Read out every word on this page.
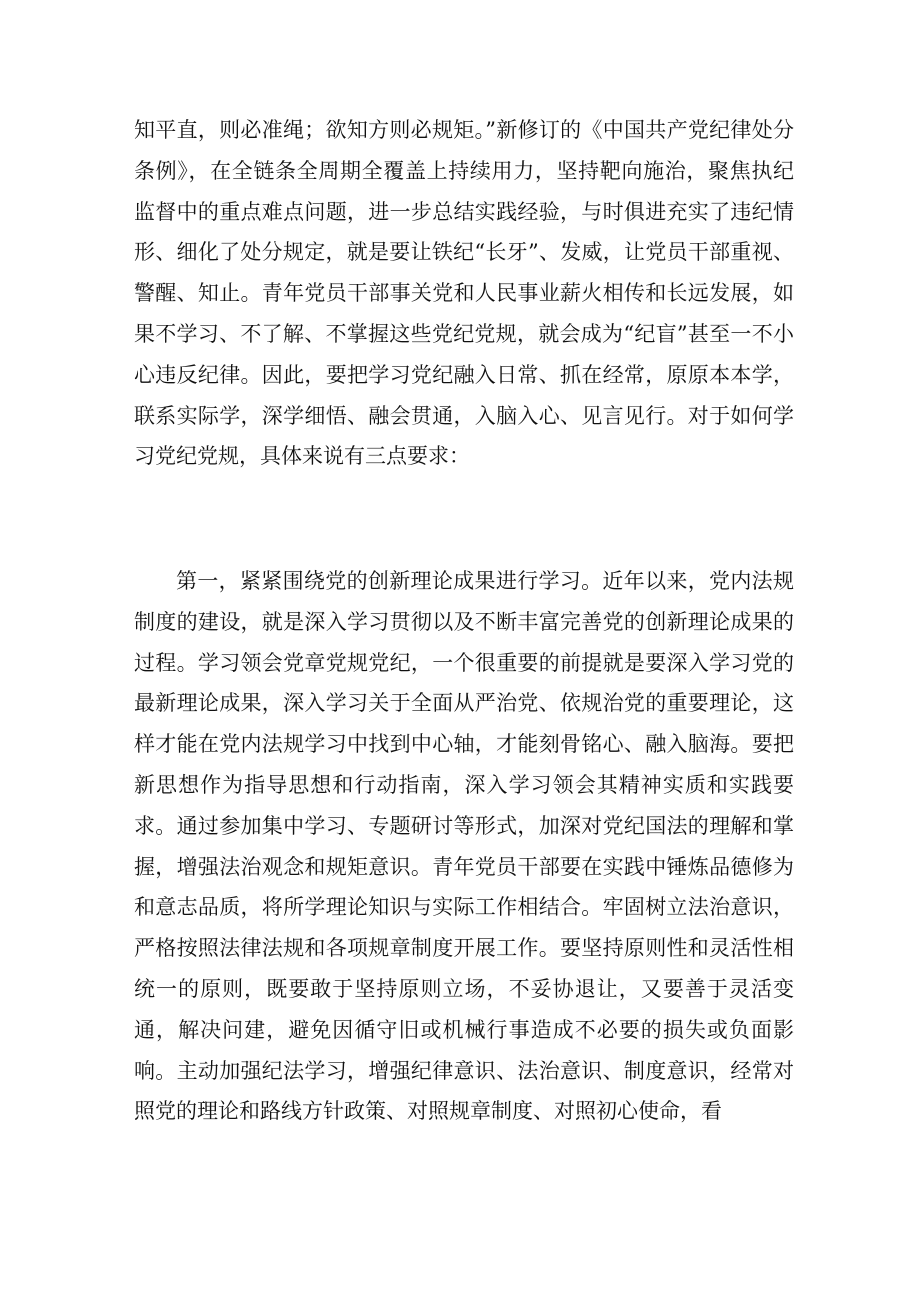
知平直，则必准绳；欲知方则必规矩。”新修订的《中国共产党纪律处分条例》，在全链条全周期全覆盖上持续用力，坚持靶向施治，聚焦执纪监督中的重点难点问题，进一步总结实践经验，与时俱进充实了违纪情形、细化了处分规定，就是要让铁纪“长牙”、发威，让党员干部重视、警醒、知止。青年党员干部事关党和人民事业薪火相传和长远发展，如果不学习、不了解、不掌握这些党纪党规，就会成为“纪盲”甚至一不小心违反纪律。因此，要把学习党纪融入日常、抓在经常，原原本本学，联系实际学，深学细悟、融会贯通，入脑入心、见言见行。对于如何学习党纪党规，具体来说有三点要求：

第一，紧紧围绕党的创新理论成果进行学习。近年以来，党内法规制度的建设，就是深入学习贯彻以及不断丰富完善党的创新理论成果的过程。学习领会党章党规党纪，一个很重要的前提就是要深入学习党的最新理论成果，深入学习关于全面从严治党、依规治党的重要理论，这样才能在党内法规学习中找到中心轴，才能刻骨铭心、融入脑海。要把新思想作为指导思想和行动指南，深入学习领会其精神实质和实践要求。通过参加集中学习、专题研讨等形式，加深对党纪国法的理解和掌握，增强法治观念和规矩意识。青年党员干部要在实践中锤炼品德修为和意志品质，将所学理论知识与实际工作相结合。牢固树立法治意识，严格按照法律法规和各项规章制度开展工作。要坚持原则性和灵活性相统一的原则，既要敢于坚持原则立场，不妥协退让，又要善于灵活变通，解决问建，避免因循守旧或机械行事造成不必要的损失或负面影响。主动加强纪法学习，增强纪律意识、法治意识、制度意识，经常对照党的理论和路线方针政策、对照规章制度、对照初心使命，看
